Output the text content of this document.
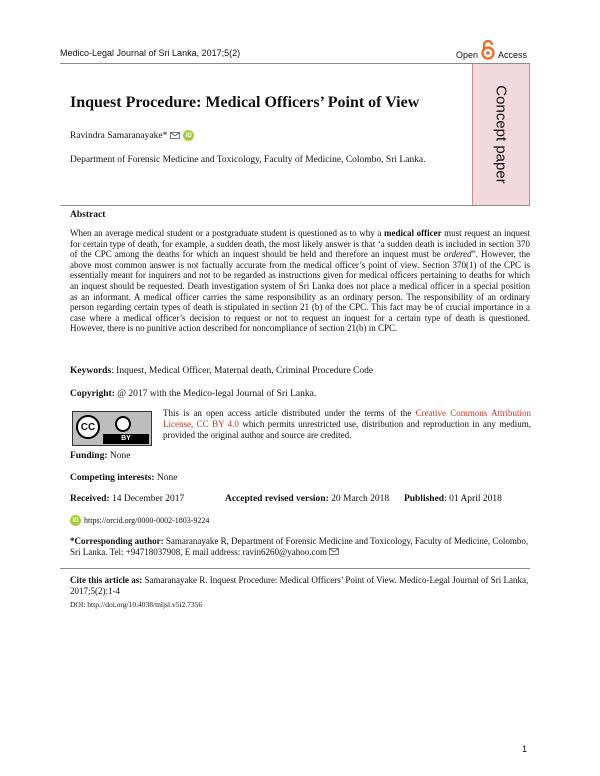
Medico-Legal Journal of Sri Lanka, 2017;5(2)	Open Access
Concept paper
Inquest Procedure: Medical Officers’ Point of View
Ravindra Samaranayake*	iD
Department of Forensic Medicine and Toxicology, Faculty of Medicine, Colombo, Sri Lanka.
Abstract
When an average medical student or a postgraduate student is questioned as to why a medical officer must request an inquest for certain type of death, for example, a sudden death, the most likely answer is that ‘a sudden death is included in section 370 of the CPC among the deaths for which an inquest should be held and therefore an inquest must be ordered”. However, the above most common answer is not factually accurate from the medical officer’s point of view. Section 370(1) of the CPC is essentially meant for inquirers and not to be regarded as instructions given for medical officers pertaining to deaths for which an inquest should be requested. Death investigation system of Sri Lanka does not place a medical officer in a special position as an informant. A medical officer carries the same responsibility as an ordinary person. The responsibility of an ordinary person regarding certain types of death is stipulated in section 21 (b) of the CPC. This fact may be of crucial importance in a case where a medical officer’s decision to request or not to request an inquest for a certain type of death is questioned. However, there is no punitive action described for noncompliance of section 21(b) in CPC.
Keywords: Inquest, Medical Officer, Maternal death, Criminal Procedure Code
Copyright: @ 2017 with the Medico-legal Journal of Sri Lanka.
CC
BY
This is an open access article distributed under the terms of the Creative Commons Attribution License, CC BY 4.0 which permits unrestricted use, distribution and reproduction in any medium, provided the original author and source are credited.
Funding: None
Competing interests: None
Received: 14 December 2017	Accepted revised version: 20 March 2018 Published: 01 April 2018
iD https://orcid.org/0000-0002-1803-9224
*Corresponding author: Samaranayake R, Department of Forensic Medicine and Toxicology, Faculty of Medicine, Colombo, Sri Lanka. Tel: +94718037908, E mail address: ravin6260@yahoo.com
Cite this article as: Samaranayake R. Inquest Procedure: Medical Officers’ Point of View. Medico-Legal Journal of Sri Lanka, 2017;5(2):1-4
DOI: http://doi.org/10.4038/mljsl.v5i2.7356
1
